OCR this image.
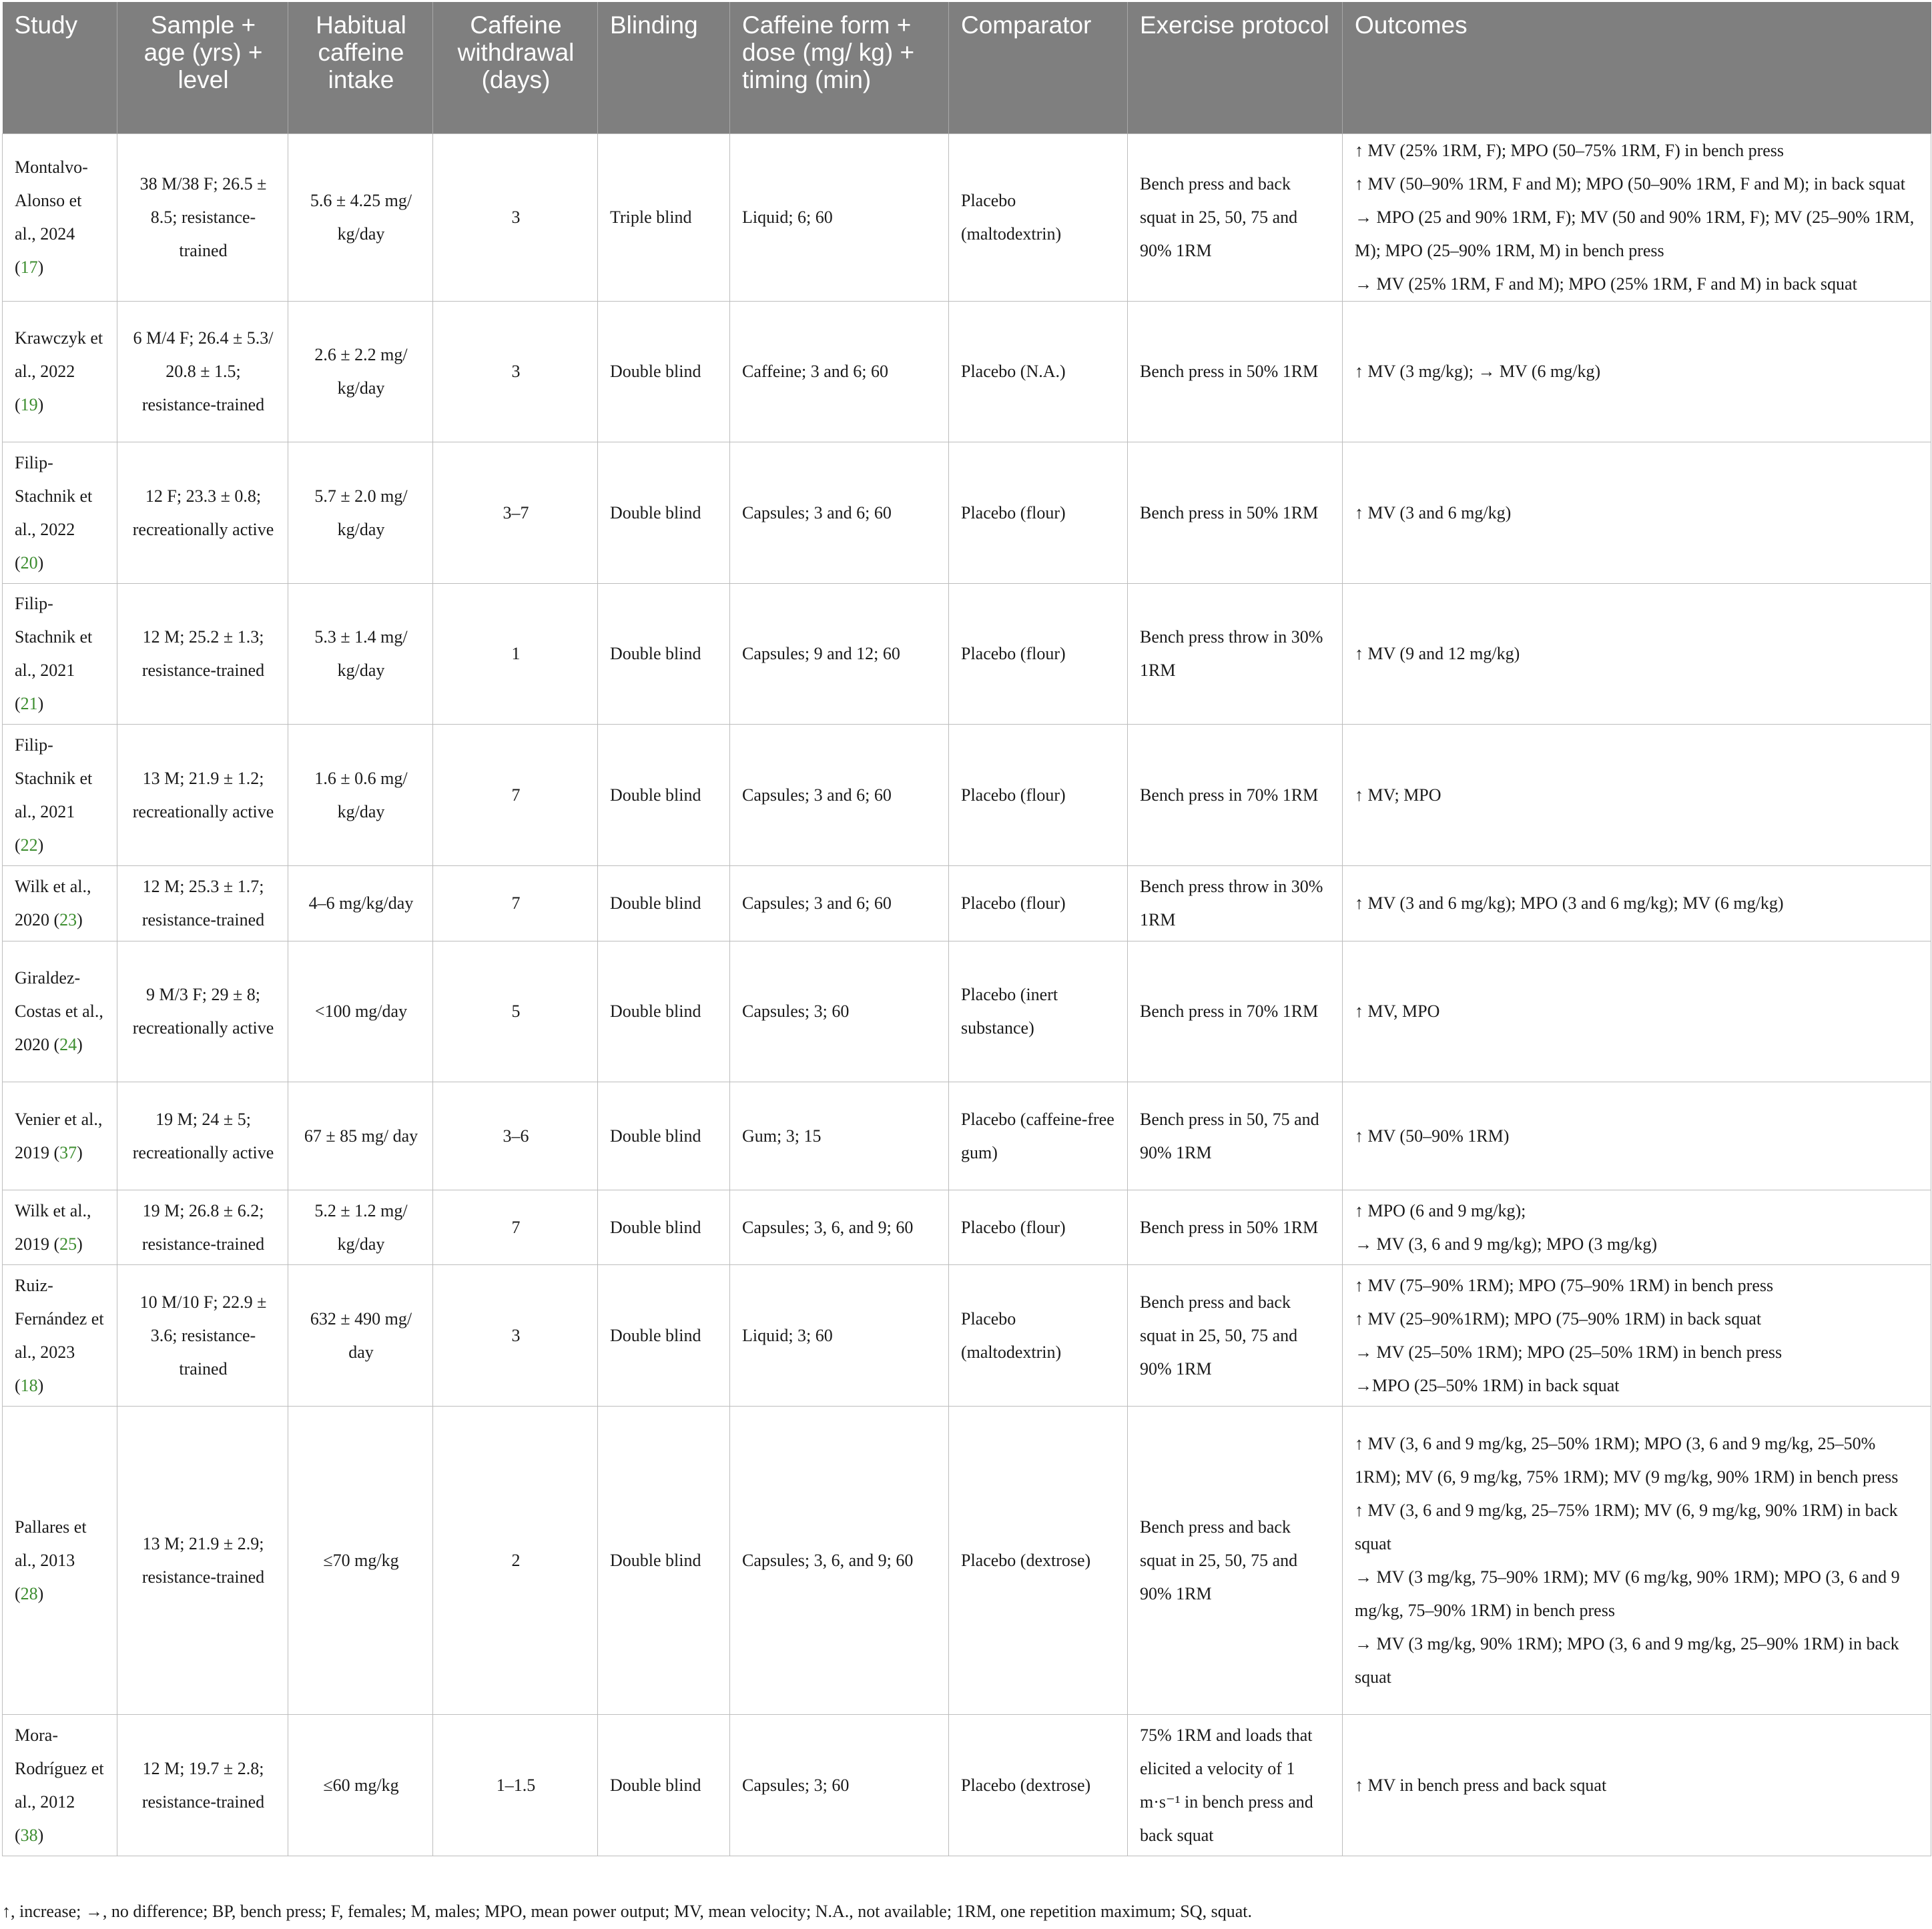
Study	Sample + age (yrs) + level	Habitual caffeine intake	Caffeine withdrawal (days)	Blinding	Caffeine form + dose (mg/ kg) + timing (min)	Comparator	Exercise protocol	Outcomes
Montalvo-Alonso et al., 2024 (17)	38 M/38 F; 26.5 ± 8.5; resistance-trained	5.6 ± 4.25 mg/ kg/day	3	Triple blind	Liquid; 6; 60	Placebo (maltodextrin)	Bench press and back squat in 25, 50, 75 and 90% 1RM	↑ MV (25% 1RM, F); MPO (50–75% 1RM, F) in bench press
↑ MV (50–90% 1RM, F and M); MPO (50–90% 1RM, F and M); in back squat
→ MPO (25 and 90% 1RM, F); MV (50 and 90% 1RM, F); MV (25–90% 1RM, M); MPO (25–90% 1RM, M) in bench press
→ MV (25% 1RM, F and M); MPO (25% 1RM, F and M) in back squat

Krawczyk et al., 2022 (19)	6 M/4 F; 26.4 ± 5.3/ 20.8 ± 1.5; resistance-trained	2.6 ± 2.2 mg/ kg/day	3	Double blind	Caffeine; 3 and 6; 60	Placebo (N.A.)	Bench press in 50% 1RM	↑ MV (3 mg/kg); → MV (6 mg/kg)

Filip-Stachnik et al., 2022 (20)	12 F; 23.3 ± 0.8; recreationally active	5.7 ± 2.0 mg/ kg/day	3–7	Double blind	Capsules; 3 and 6; 60	Placebo (flour)	Bench press in 50% 1RM	↑ MV (3 and 6 mg/kg)

Filip-Stachnik et al., 2021 (21)	12 M; 25.2 ± 1.3; resistance-trained	5.3 ± 1.4 mg/ kg/day	1	Double blind	Capsules; 9 and 12; 60	Placebo (flour)	Bench press throw in 30% 1RM	↑ MV (9 and 12 mg/kg)

Filip-Stachnik et al., 2021 (22)	13 M; 21.9 ± 1.2; recreationally active	1.6 ± 0.6 mg/ kg/day	7	Double blind	Capsules; 3 and 6; 60	Placebo (flour)	Bench press in 70% 1RM	↑ MV; MPO

Wilk et al., 2020 (23)	12 M; 25.3 ± 1.7; resistance-trained	4–6 mg/kg/day	7	Double blind	Capsules; 3 and 6; 60	Placebo (flour)	Bench press throw in 30% 1RM	↑ MV (3 and 6 mg/kg); MPO (3 and 6 mg/kg); MV (6 mg/kg)

Giraldez-Costas et al., 2020 (24)	9 M/3 F; 29 ± 8; recreationally active	<100 mg/day	5	Double blind	Capsules; 3; 60	Placebo (inert substance)	Bench press in 70% 1RM	↑ MV, MPO

Venier et al., 2019 (37)	19 M; 24 ± 5; recreationally active	67 ± 85 mg/ day	3–6	Double blind	Gum; 3; 15	Placebo (caffeine-free gum)	Bench press in 50, 75 and 90% 1RM	↑ MV (50–90% 1RM)

Wilk et al., 2019 (25)	19 M; 26.8 ± 6.2; resistance-trained	5.2 ± 1.2 mg/ kg/day	7	Double blind	Capsules; 3, 6, and 9; 60	Placebo (flour)	Bench press in 50% 1RM	↑ MPO (6 and 9 mg/kg);
→ MV (3, 6 and 9 mg/kg); MPO (3 mg/kg)

Ruiz-Fernández et al., 2023 (18)	10 M/10 F; 22.9 ± 3.6; resistance-trained	632 ± 490 mg/ day	3	Double blind	Liquid; 3; 60	Placebo (maltodextrin)	Bench press and back squat in 25, 50, 75 and 90% 1RM	↑ MV (75–90% 1RM); MPO (75–90% 1RM) in bench press
↑ MV (25–90%1RM); MPO (75–90% 1RM) in back squat
→ MV (25–50% 1RM); MPO (25–50% 1RM) in bench press
→MPO (25–50% 1RM) in back squat

Pallares et al., 2013 (28)	13 M; 21.9 ± 2.9; resistance-trained	≤70 mg/kg	2	Double blind	Capsules; 3, 6, and 9; 60	Placebo (dextrose)	Bench press and back squat in 25, 50, 75 and 90% 1RM	↑ MV (3, 6 and 9 mg/kg, 25–50% 1RM); MPO (3, 6 and 9 mg/kg, 25–50% 1RM); MV (6, 9 mg/kg, 75% 1RM); MV (9 mg/kg, 90% 1RM) in bench press
↑ MV (3, 6 and 9 mg/kg, 25–75% 1RM); MV (6, 9 mg/kg, 90% 1RM) in back squat
→ MV (3 mg/kg, 75–90% 1RM); MV (6 mg/kg, 90% 1RM); MPO (3, 6 and 9 mg/kg, 75–90% 1RM) in bench press
→ MV (3 mg/kg, 90% 1RM); MPO (3, 6 and 9 mg/kg, 25–90% 1RM) in back squat

Mora-Rodríguez et al., 2012 (38)	12 M; 19.7 ± 2.8; resistance-trained	≤60 mg/kg	1–1.5	Double blind	Capsules; 3; 60	Placebo (dextrose)	75% 1RM and loads that elicited a velocity of 1 m·s⁻¹ in bench press and back squat	↑ MV in bench press and back squat
↑, increase; →, no difference; BP, bench press; F, females; M, males; MPO, mean power output; MV, mean velocity; N.A., not available; 1RM, one repetition maximum; SQ, squat.
